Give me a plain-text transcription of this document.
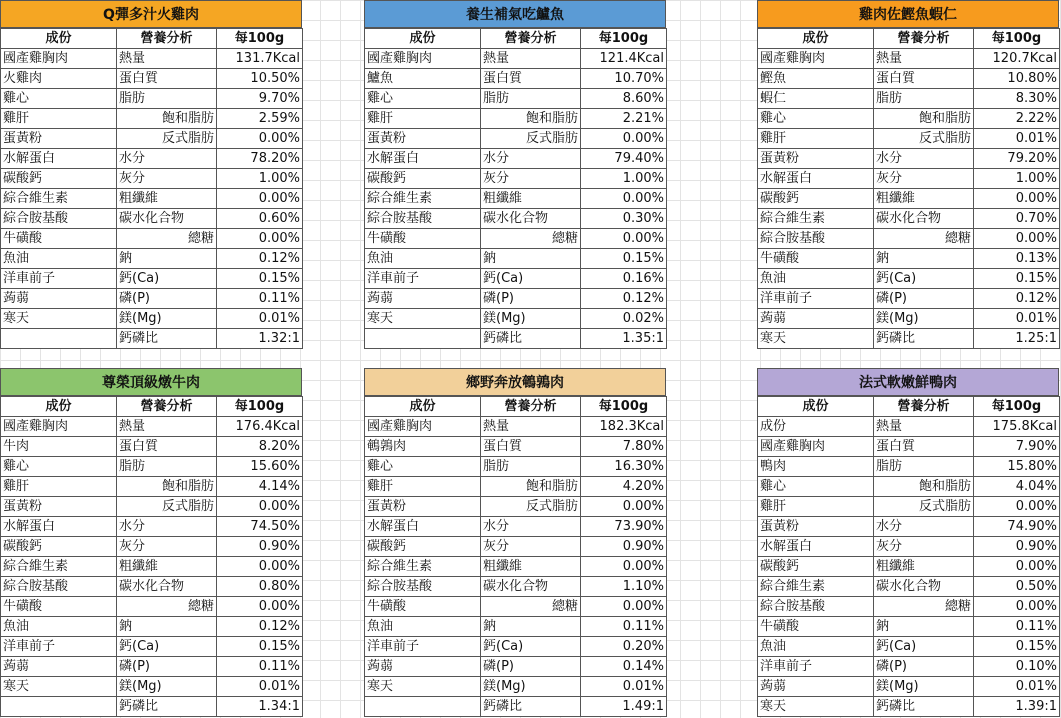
Q彈多汁火雞肉
成份	營養分析	每100g
國產雞胸肉	熱量	131.7Kcal
火雞肉	蛋白質	10.50%
雞心	脂肪	9.70%
雞肝	飽和脂肪	2.59%
蛋黃粉	反式脂肪	0.00%
水解蛋白	水分	78.20%
碳酸鈣	灰分	1.00%
綜合維生素	粗纖維	0.00%
綜合胺基酸	碳水化合物	0.60%
牛磺酸	總糖	0.00%
魚油	鈉	0.12%
洋車前子	鈣(Ca)	0.15%
蒟蒻	磷(P)	0.11%
寒天	鎂(Mg)	0.01%
	鈣磷比	1.32:1
養生補氣吃鱸魚
成份	營養分析	每100g
國產雞胸肉	熱量	121.4Kcal
鱸魚	蛋白質	10.70%
雞心	脂肪	8.60%
雞肝	飽和脂肪	2.21%
蛋黃粉	反式脂肪	0.00%
水解蛋白	水分	79.40%
碳酸鈣	灰分	1.00%
綜合維生素	粗纖維	0.00%
綜合胺基酸	碳水化合物	0.30%
牛磺酸	總糖	0.00%
魚油	鈉	0.15%
洋車前子	鈣(Ca)	0.16%
蒟蒻	磷(P)	0.12%
寒天	鎂(Mg)	0.02%
	鈣磷比	1.35:1
雞肉佐鰹魚蝦仁
成份	營養分析	每100g
國產雞胸肉	熱量	120.7Kcal
鰹魚	蛋白質	10.80%
蝦仁	脂肪	8.30%
雞心	飽和脂肪	2.22%
雞肝	反式脂肪	0.01%
蛋黃粉	水分	79.20%
水解蛋白	灰分	1.00%
碳酸鈣	粗纖維	0.00%
綜合維生素	碳水化合物	0.70%
綜合胺基酸	總糖	0.00%
牛磺酸	鈉	0.13%
魚油	鈣(Ca)	0.15%
洋車前子	磷(P)	0.12%
蒟蒻	鎂(Mg)	0.01%
寒天	鈣磷比	1.25:1
尊榮頂級燉牛肉
成份	營養分析	每100g
國產雞胸肉	熱量	176.4Kcal
牛肉	蛋白質	8.20%
雞心	脂肪	15.60%
雞肝	飽和脂肪	4.14%
蛋黃粉	反式脂肪	0.00%
水解蛋白	水分	74.50%
碳酸鈣	灰分	0.90%
綜合維生素	粗纖維	0.00%
綜合胺基酸	碳水化合物	0.80%
牛磺酸	總糖	0.00%
魚油	鈉	0.12%
洋車前子	鈣(Ca)	0.15%
蒟蒻	磷(P)	0.11%
寒天	鎂(Mg)	0.01%
	鈣磷比	1.34:1
鄉野奔放鵪鶉肉
成份	營養分析	每100g
國產雞胸肉	熱量	182.3Kcal
鵪鶉肉	蛋白質	7.80%
雞心	脂肪	16.30%
雞肝	飽和脂肪	4.20%
蛋黃粉	反式脂肪	0.00%
水解蛋白	水分	73.90%
碳酸鈣	灰分	0.90%
綜合維生素	粗纖維	0.00%
綜合胺基酸	碳水化合物	1.10%
牛磺酸	總糖	0.00%
魚油	鈉	0.11%
洋車前子	鈣(Ca)	0.20%
蒟蒻	磷(P)	0.14%
寒天	鎂(Mg)	0.01%
	鈣磷比	1.49:1
法式軟嫩鮮鴨肉
成份	營養分析	每100g
成份	熱量	175.8Kcal
國產雞胸肉	蛋白質	7.90%
鴨肉	脂肪	15.80%
雞心	飽和脂肪	4.04%
雞肝	反式脂肪	0.00%
蛋黃粉	水分	74.90%
水解蛋白	灰分	0.90%
碳酸鈣	粗纖維	0.00%
綜合維生素	碳水化合物	0.50%
綜合胺基酸	總糖	0.00%
牛磺酸	鈉	0.11%
魚油	鈣(Ca)	0.15%
洋車前子	磷(P)	0.10%
蒟蒻	鎂(Mg)	0.01%
寒天	鈣磷比	1.39:1
